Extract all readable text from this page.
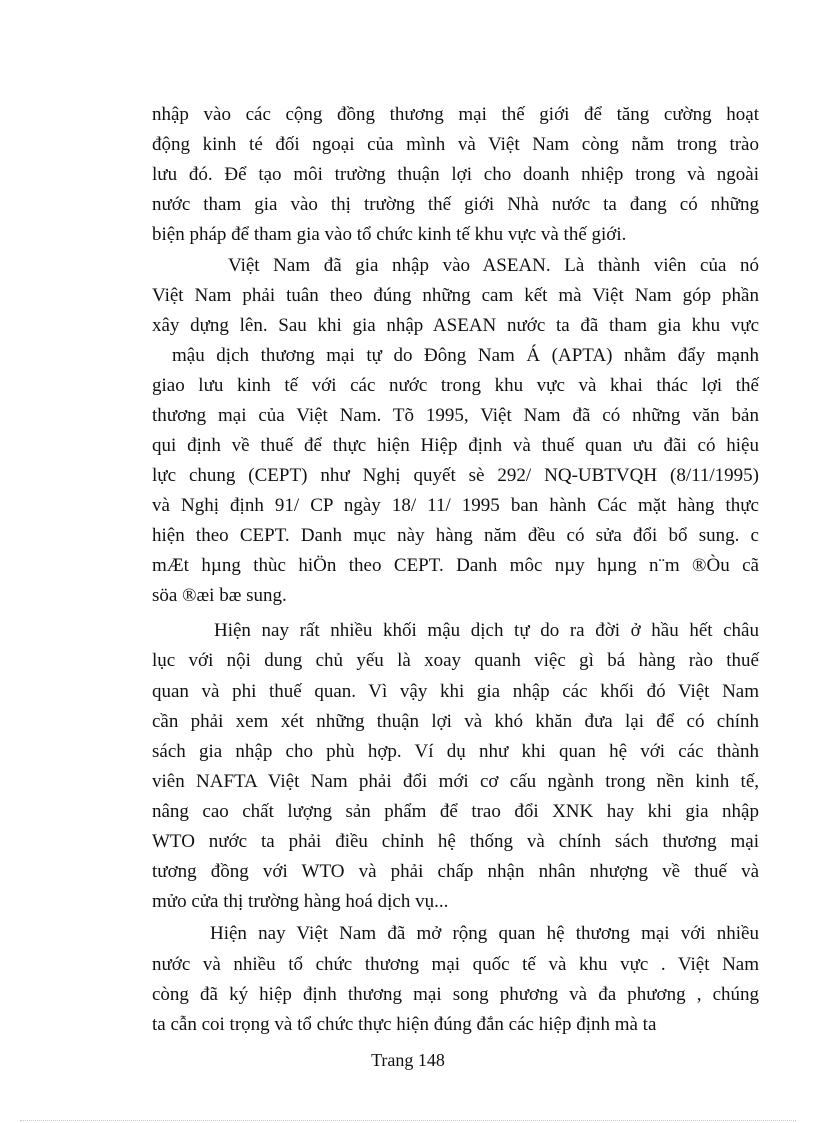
nhập vào các cộng đồng thương mại thế giới để tăng cường hoạt
động kinh té đối ngoại của mình và Việt Nam còng nằm trong trào
lưu đó. Để tạo môi trường thuận lợi cho doanh nhiệp trong và ngoài
nước tham gia vào thị trường thế giới Nhà nước ta đang có những
biện pháp để tham gia vào tổ chức kinh tế khu vực và thế giới.
Việt Nam đã gia nhập vào ASEAN. Là thành viên của nó
Việt Nam phải tuân theo đúng những cam kết mà Việt Nam góp phần
xây dựng lên. Sau khi gia nhập ASEAN nước ta đã tham gia khu vực
mậu dịch thương mại tự do Đông Nam Á (APTA) nhằm đẩy mạnh
giao lưu kinh tế với các nước trong khu vực và khai thác lợi thế
thương mại của Việt Nam. Tõ 1995, Việt Nam đã có những văn bản
qui định về thuế để thực hiện Hiệp định và thuế quan ưu đãi có hiệu
lực chung (CEPT) như Nghị quyết sè 292/ NQ-UBTVQH (8/11/1995)
và Nghị định 91/ CP ngày 18/ 11/ 1995 ban hành Các mặt hàng thực
hiện theo CEPT. Danh mục này hàng năm đều có sửa đổi bổ sung. c
mÆt hµng thùc hiÖn theo CEPT. Danh môc nµy hµng n¨m ®Òu cã
söa ®æi bæ sung.
Hiện nay rất nhiều khối mậu dịch tự do ra đời ở hầu hết châu
lục với nội dung chủ yếu là xoay quanh việc gì bá hàng rào thuế
quan và phi thuế quan. Vì vậy khi gia nhập các khối đó Việt Nam
cần phải xem xét những thuận lợi và khó khăn đưa lại để có chính
sách gia nhập cho phù hợp. Ví dụ như khi quan hệ với các thành
viên NAFTA Việt Nam phải đổi mới cơ cấu ngành trong nền kinh tế,
nâng cao chất lượng sản phẩm để trao đổi XNK hay khi gia nhập
WTO nước ta phải điều chỉnh hệ thống và chính sách thương mại
tương đồng với WTO và phải chấp nhận nhân nhượng về thuế và
mửo cửa thị trường hàng hoá dịch vụ...
Hiện nay Việt Nam đã mở rộng quan hệ thương mại với nhiều
nước và nhiều tổ chức thương mại quốc tế và khu vực . Việt Nam
còng đã ký hiệp định thương mại song phương và đa phương , chúng
ta cẫn coi trọng và tổ chức thực hiện đúng đắn các hiệp định mà ta
Trang 148
